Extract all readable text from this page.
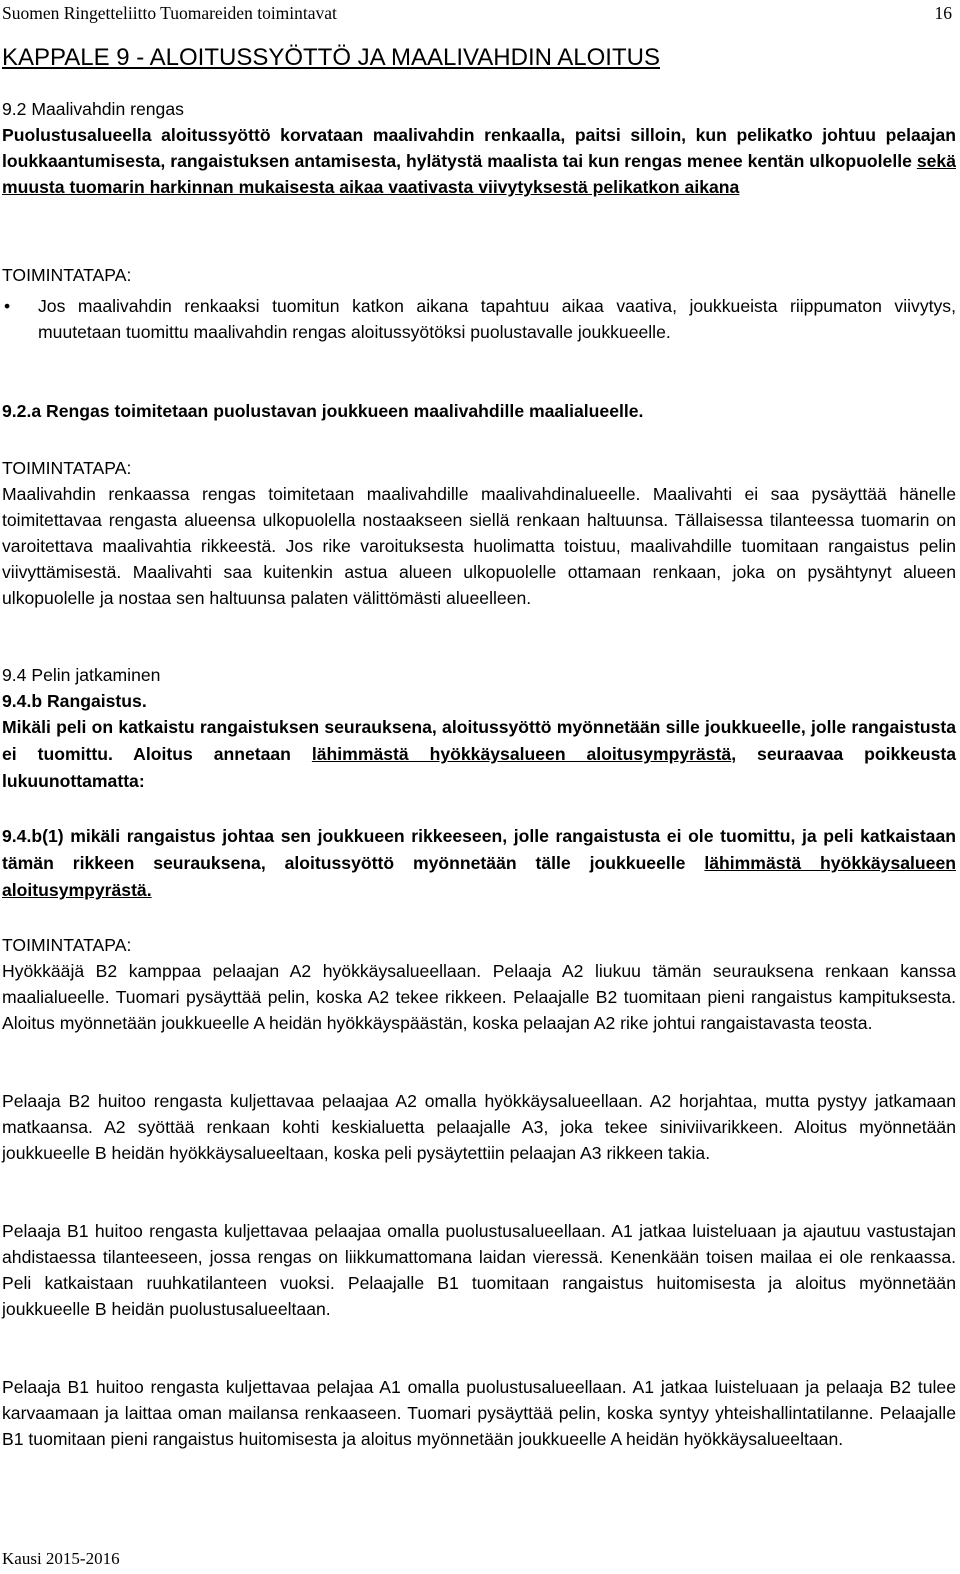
Suomen Ringetteliitto Tuomareiden toimintavat	16
KAPPALE 9 - ALOITUSSYÖTTÖ JA MAALIVAHDIN ALOITUS

9.2 Maalivahdin rengas

Puolustusalueella aloitussyöttö korvataan maalivahdin renkaalla, paitsi silloin, kun pelikatko johtuu pelaajan loukkaantumisesta, rangaistuksen antamisesta, hylätystä maalista tai kun rengas menee kentän ulkopuolelle sekä muusta tuomarin harkinnan mukaisesta aikaa vaativasta viivytyksestä pelikatkon aikana

TOIMINTATAPA:

• Jos maalivahdin renkaaksi tuomitun katkon aikana tapahtuu aikaa vaativa, joukkueista riippumaton viivytys, muutetaan tuomittu maalivahdin rengas aloitussyötöksi puolustavalle joukkueelle.

9.2.a Rengas toimitetaan puolustavan joukkueen maalivahdille maalialueelle.

TOIMINTATAPA:

Maalivahdin renkaassa rengas toimitetaan maalivahdille maalivahdinalueelle. Maalivahti ei saa pysäyttää hänelle toimitettavaa rengasta alueensa ulkopuolella nostaakseen siellä renkaan haltuunsa. Tällaisessa tilanteessa tuomarin on varoitettava maalivahtia rikkeestä. Jos rike varoituksesta huolimatta toistuu, maalivahdille tuomitaan rangaistus pelin viivyttämisestä. Maalivahti saa kuitenkin astua alueen ulkopuolelle ottamaan renkaan, joka on pysähtynyt alueen ulkopuolelle ja nostaa sen haltuunsa palaten välittömästi alueelleen.

9.4 Pelin jatkaminen

9.4.b Rangaistus.

Mikäli peli on katkaistu rangaistuksen seurauksena, aloitussyöttö myönnetään sille joukkueelle, jolle rangaistusta ei tuomittu. Aloitus annetaan lähimmästä hyökkäysalueen aloitusympyrästä, seuraavaa poikkeusta lukuunottamatta:

9.4.b(1) mikäli rangaistus johtaa sen joukkueen rikkeeseen, jolle rangaistusta ei ole tuomittu, ja peli katkaistaan tämän rikkeen seurauksena, aloitussyöttö myönnetään tälle joukkueelle lähimmästä hyökkäysalueen aloitusympyrästä.

TOIMINTATAPA:

Hyökkääjä B2 kamppaa pelaajan A2 hyökkäysalueellaan. Pelaaja A2 liukuu tämän seurauksena renkaan kanssa maalialueelle. Tuomari pysäyttää pelin, koska A2 tekee rikkeen. Pelaajalle B2 tuomitaan pieni rangaistus kampituksesta. Aloitus myönnetään joukkueelle A heidän hyökkäyspäästän, koska pelaajan A2 rike johtui rangaistavasta teosta.

Pelaaja B2 huitoo rengasta kuljettavaa pelaajaa A2 omalla hyökkäysalueellaan. A2 horjahtaa, mutta pystyy jatkamaan matkaansa. A2 syöttää renkaan kohti keskialuetta pelaajalle A3, joka tekee siniviivarikkeen. Aloitus myönnetään joukkueelle B heidän hyökkäysalueeltaan, koska peli pysäytettiin pelaajan A3 rikkeen takia.

Pelaaja B1 huitoo rengasta kuljettavaa pelaajaa omalla puolustusalueellaan. A1 jatkaa luisteluaan ja ajautuu vastustajan ahdistaessa tilanteeseen, jossa rengas on liikkumattomana laidan vieressä. Kenenkään toisen mailaa ei ole renkaassa. Peli katkaistaan ruuhkatilanteen vuoksi. Pelaajalle B1 tuomitaan rangaistus huitomisesta ja aloitus myönnetään joukkueelle B heidän puolustusalueeltaan.

Pelaaja B1 huitoo rengasta kuljettavaa pelajaa A1 omalla puolustusalueellaan. A1 jatkaa luisteluaan ja pelaaja B2 tulee karvaamaan ja laittaa oman mailansa renkaaseen. Tuomari pysäyttää pelin, koska syntyy yhteishallintatilanne. Pelaajalle B1 tuomitaan pieni rangaistus huitomisesta ja aloitus myönnetään joukkueelle A heidän hyökkäysalueeltaan.

Kausi 2015-2016
